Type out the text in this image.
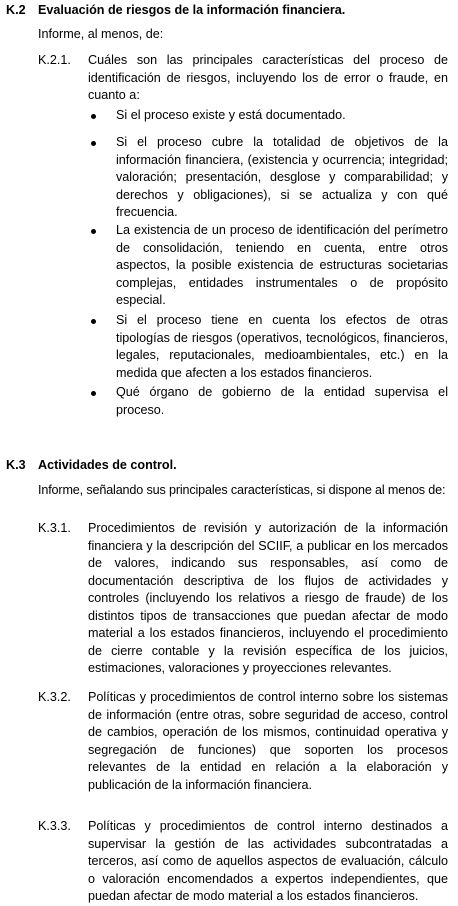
K.2 Evaluación de riesgos de la información financiera.
Informe, al menos, de:
K.2.1. Cuáles son las principales características del proceso de identificación de riesgos, incluyendo los de error o fraude, en cuanto a:
Si el proceso existe y está documentado.
Si el proceso cubre la totalidad de objetivos de la información financiera, (existencia y ocurrencia; integridad; valoración; presentación, desglose y comparabilidad; y derechos y obligaciones), si se actualiza y con qué frecuencia.
La existencia de un proceso de identificación del perímetro de consolidación, teniendo en cuenta, entre otros aspectos, la posible existencia de estructuras societarias complejas, entidades instrumentales o de propósito especial.
Si el proceso tiene en cuenta los efectos de otras tipologías de riesgos (operativos, tecnológicos, financieros, legales, reputacionales, medioambientales, etc.) en la medida que afecten a los estados financieros.
Qué órgano de gobierno de la entidad supervisa el proceso.
K.3 Actividades de control.
Informe, señalando sus principales características, si dispone al menos de:
K.3.1. Procedimientos de revisión y autorización de la información financiera y la descripción del SCIIF, a publicar en los mercados de valores, indicando sus responsables, así como de documentación descriptiva de los flujos de actividades y controles (incluyendo los relativos a riesgo de fraude) de los distintos tipos de transacciones que puedan afectar de modo material a los estados financieros, incluyendo el procedimiento de cierre contable y la revisión específica de los juicios, estimaciones, valoraciones y proyecciones relevantes.
K.3.2. Políticas y procedimientos de control interno sobre los sistemas de información (entre otras, sobre seguridad de acceso, control de cambios, operación de los mismos, continuidad operativa y segregación de funciones) que soporten los procesos relevantes de la entidad en relación a la elaboración y publicación de la información financiera.
K.3.3. Políticas y procedimientos de control interno destinados a supervisar la gestión de las actividades subcontratadas a terceros, así como de aquellos aspectos de evaluación, cálculo o valoración encomendados a expertos independientes, que puedan afectar de modo material a los estados financieros.
